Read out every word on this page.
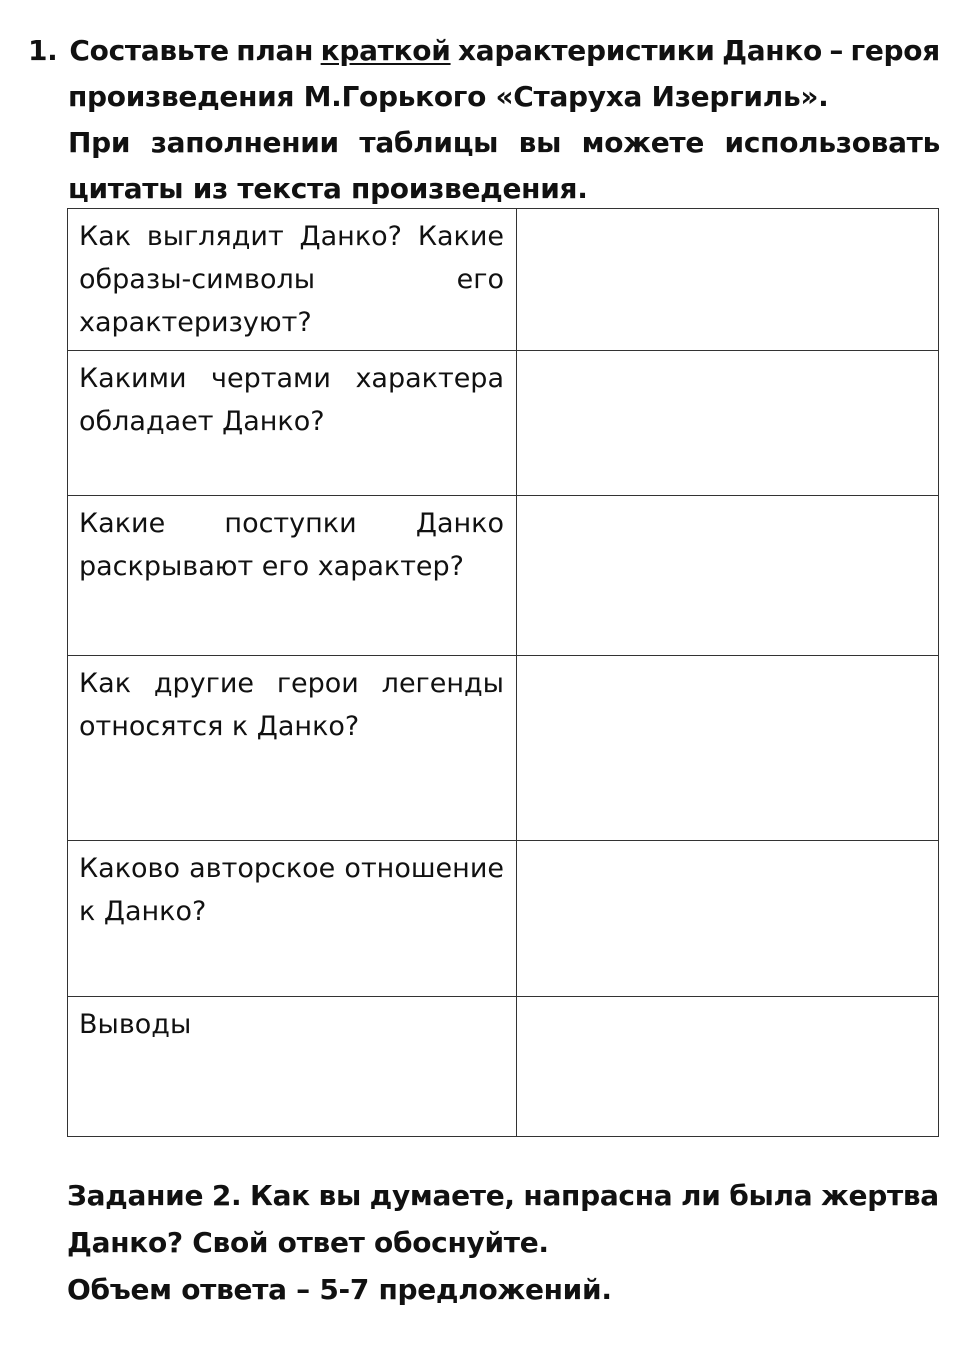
1. Составьте план краткой характеристики Данко – героя
произведения М.Горького «Старуха Изергиль».
При заполнении таблицы вы можете использовать
цитаты из текста произведения.
Как выглядит Данко? Какие образы-символы его характеризуют?	
Какими чертами характера обладает Данко?	
Какие поступки Данко раскрывают его характер?	
Как другие герои легенды относятся к Данко?	
Каково авторское отношение к Данко?	
Выводы	
Задание 2. Как вы думаете, напрасна ли была жертва
Данко? Свой ответ обоснуйте.
Объем ответа – 5-7 предложений.
